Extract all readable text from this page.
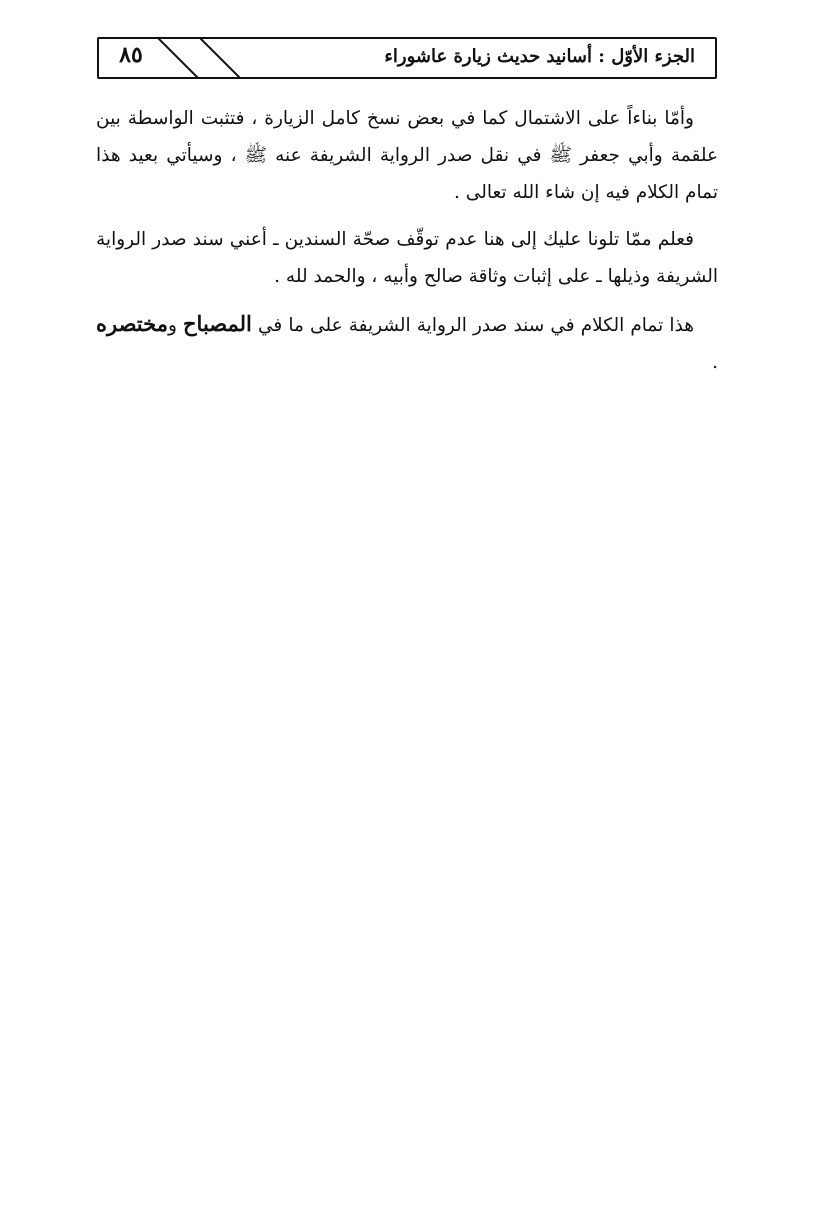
٨٥	الجزء الأوّل : أسانيد حديث زيارة عاشوراء

وأمّا بناءاً على الاشتمال كما في بعض نسخ كامل الزيارة ، فتثبت الواسطة بين علقمة وأبي جعفر ﷺ في نقل صدر الرواية الشريفة عنه ﷺ ، وسيأتي بعيد هذا تمام الكلام فيه إن شاء الله تعالى .

فعلم ممّا تلونا عليك إلى هنا عدم توقّف صحّة السندين ـ أعني سند صدر الرواية الشريفة وذيلها ـ على إثبات وثاقة صالح وأبيه ، والحمد لله .

هذا تمام الكلام في سند صدر الرواية الشريفة على ما في المصباح ومختصره .
